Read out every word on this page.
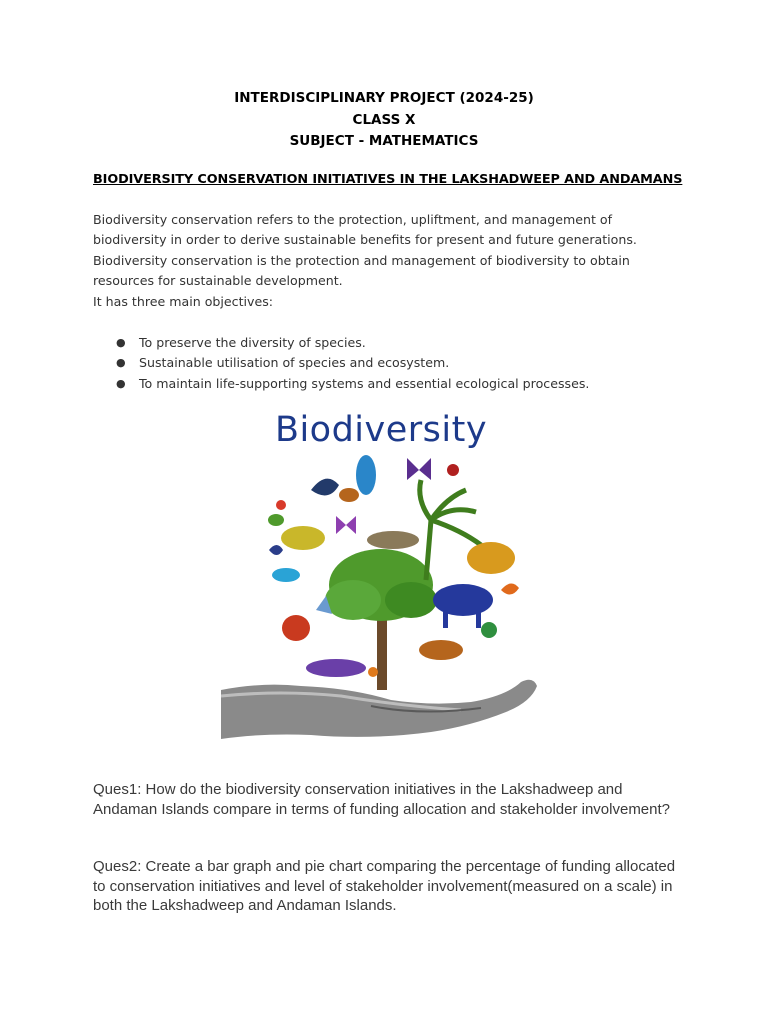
INTERDISCIPLINARY PROJECT (2024-25)
CLASS X
SUBJECT - MATHEMATICS
BIODIVERSITY CONSERVATION INITIATIVES IN THE LAKSHADWEEP AND ANDAMANS

Biodiversity conservation refers to the protection, upliftment, and management of

biodiversity in order to derive sustainable benefits for present and future generations.

Biodiversity conservation is the protection and management of biodiversity to obtain

resources for sustainable development.

It has three main objectives:

● To preserve the diversity of species.
● Sustainable utilisation of species and ecosystem.
● To maintain life-supporting systems and essential ecological processes.
Biodiversity
Ques1: How do the biodiversity conservation initiatives in the Lakshadweep and Andaman Islands compare in terms of funding allocation and stakeholder involvement?
Ques2: Create a bar graph and pie chart comparing the percentage of funding allocated to conservation initiatives and level of stakeholder involvement(measured on a scale) in both the Lakshadweep and Andaman Islands.
